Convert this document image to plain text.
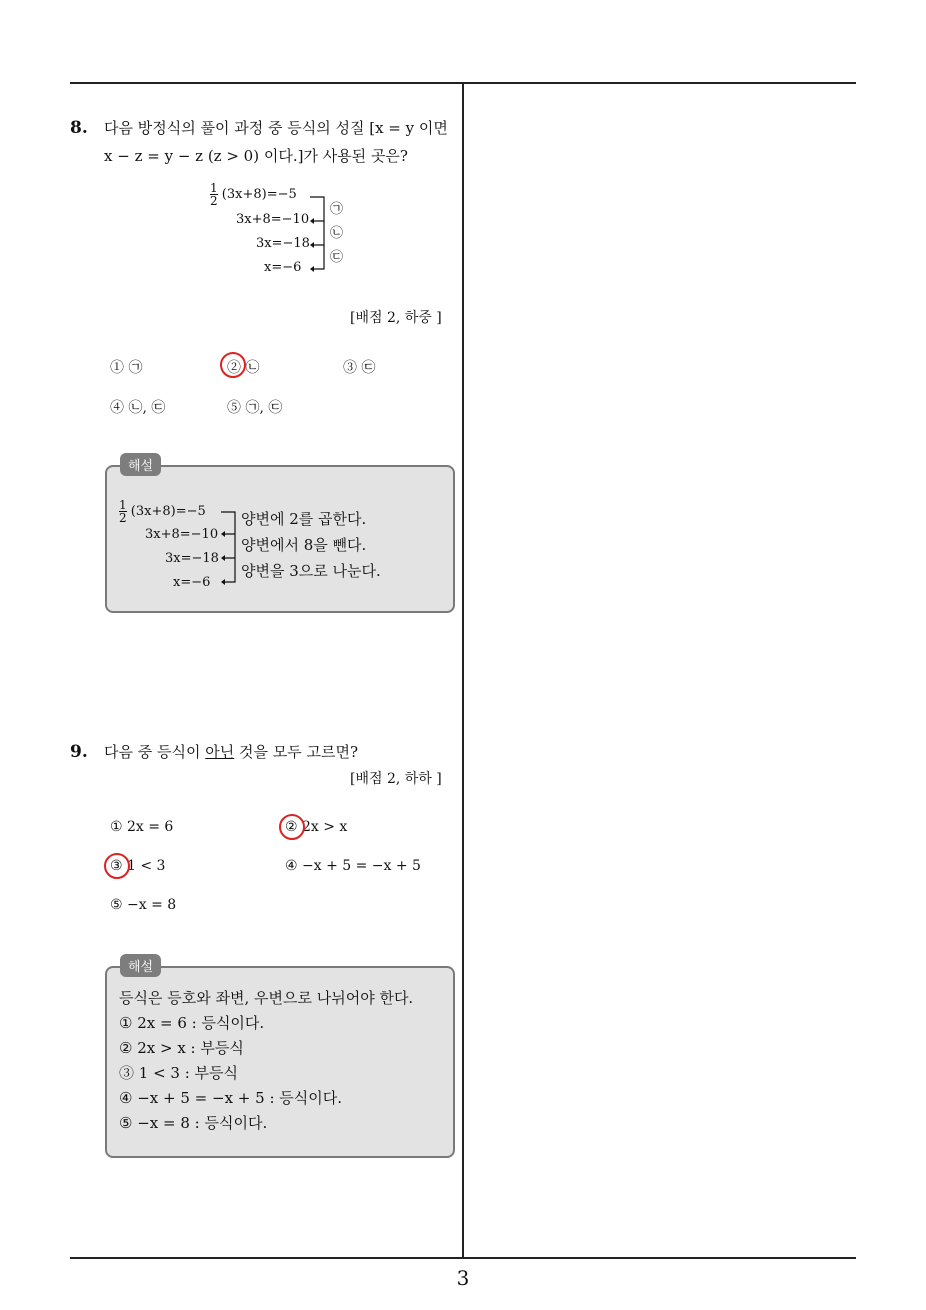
3
8. 다음 방정식의 풀이 과정 중 등식의 성질 [x = y 이면
x − z = y − z (z > 0) 이다.]가 사용된 곳은?
$\frac{1}{2} (3x+8)=-5$
3x+8=−10
3x=−18
x=−6
㉠
㉡
㉢
[배점 2, 하중 ]
① ㉠	② ㉡	③ ㉢
④ ㉡, ㉢	⑤ ㉠, ㉢
$\frac{1}{2} (3x+8)=-5$
3x+8=−10
3x=−18
x=−6
양변에 2를 곱한다.
양변에서 8을 뺀다.
양변을 3으로 나눈다.
해설
9. 다음 중 등식이 아닌 것을 모두 고르면?
[배점 2, 하하 ]
① 2x = 6	② 2x > x
③ 1 < 3	④ −x + 5 = −x + 5
⑤ −x = 8
등식은 등호와 좌변, 우변으로 나뉘어야 한다.
① 2x = 6 : 등식이다.
② 2x > x : 부등식
③ 1 < 3 : 부등식
④ −x + 5 = −x + 5 : 등식이다.
⑤ −x = 8 : 등식이다.
해설
